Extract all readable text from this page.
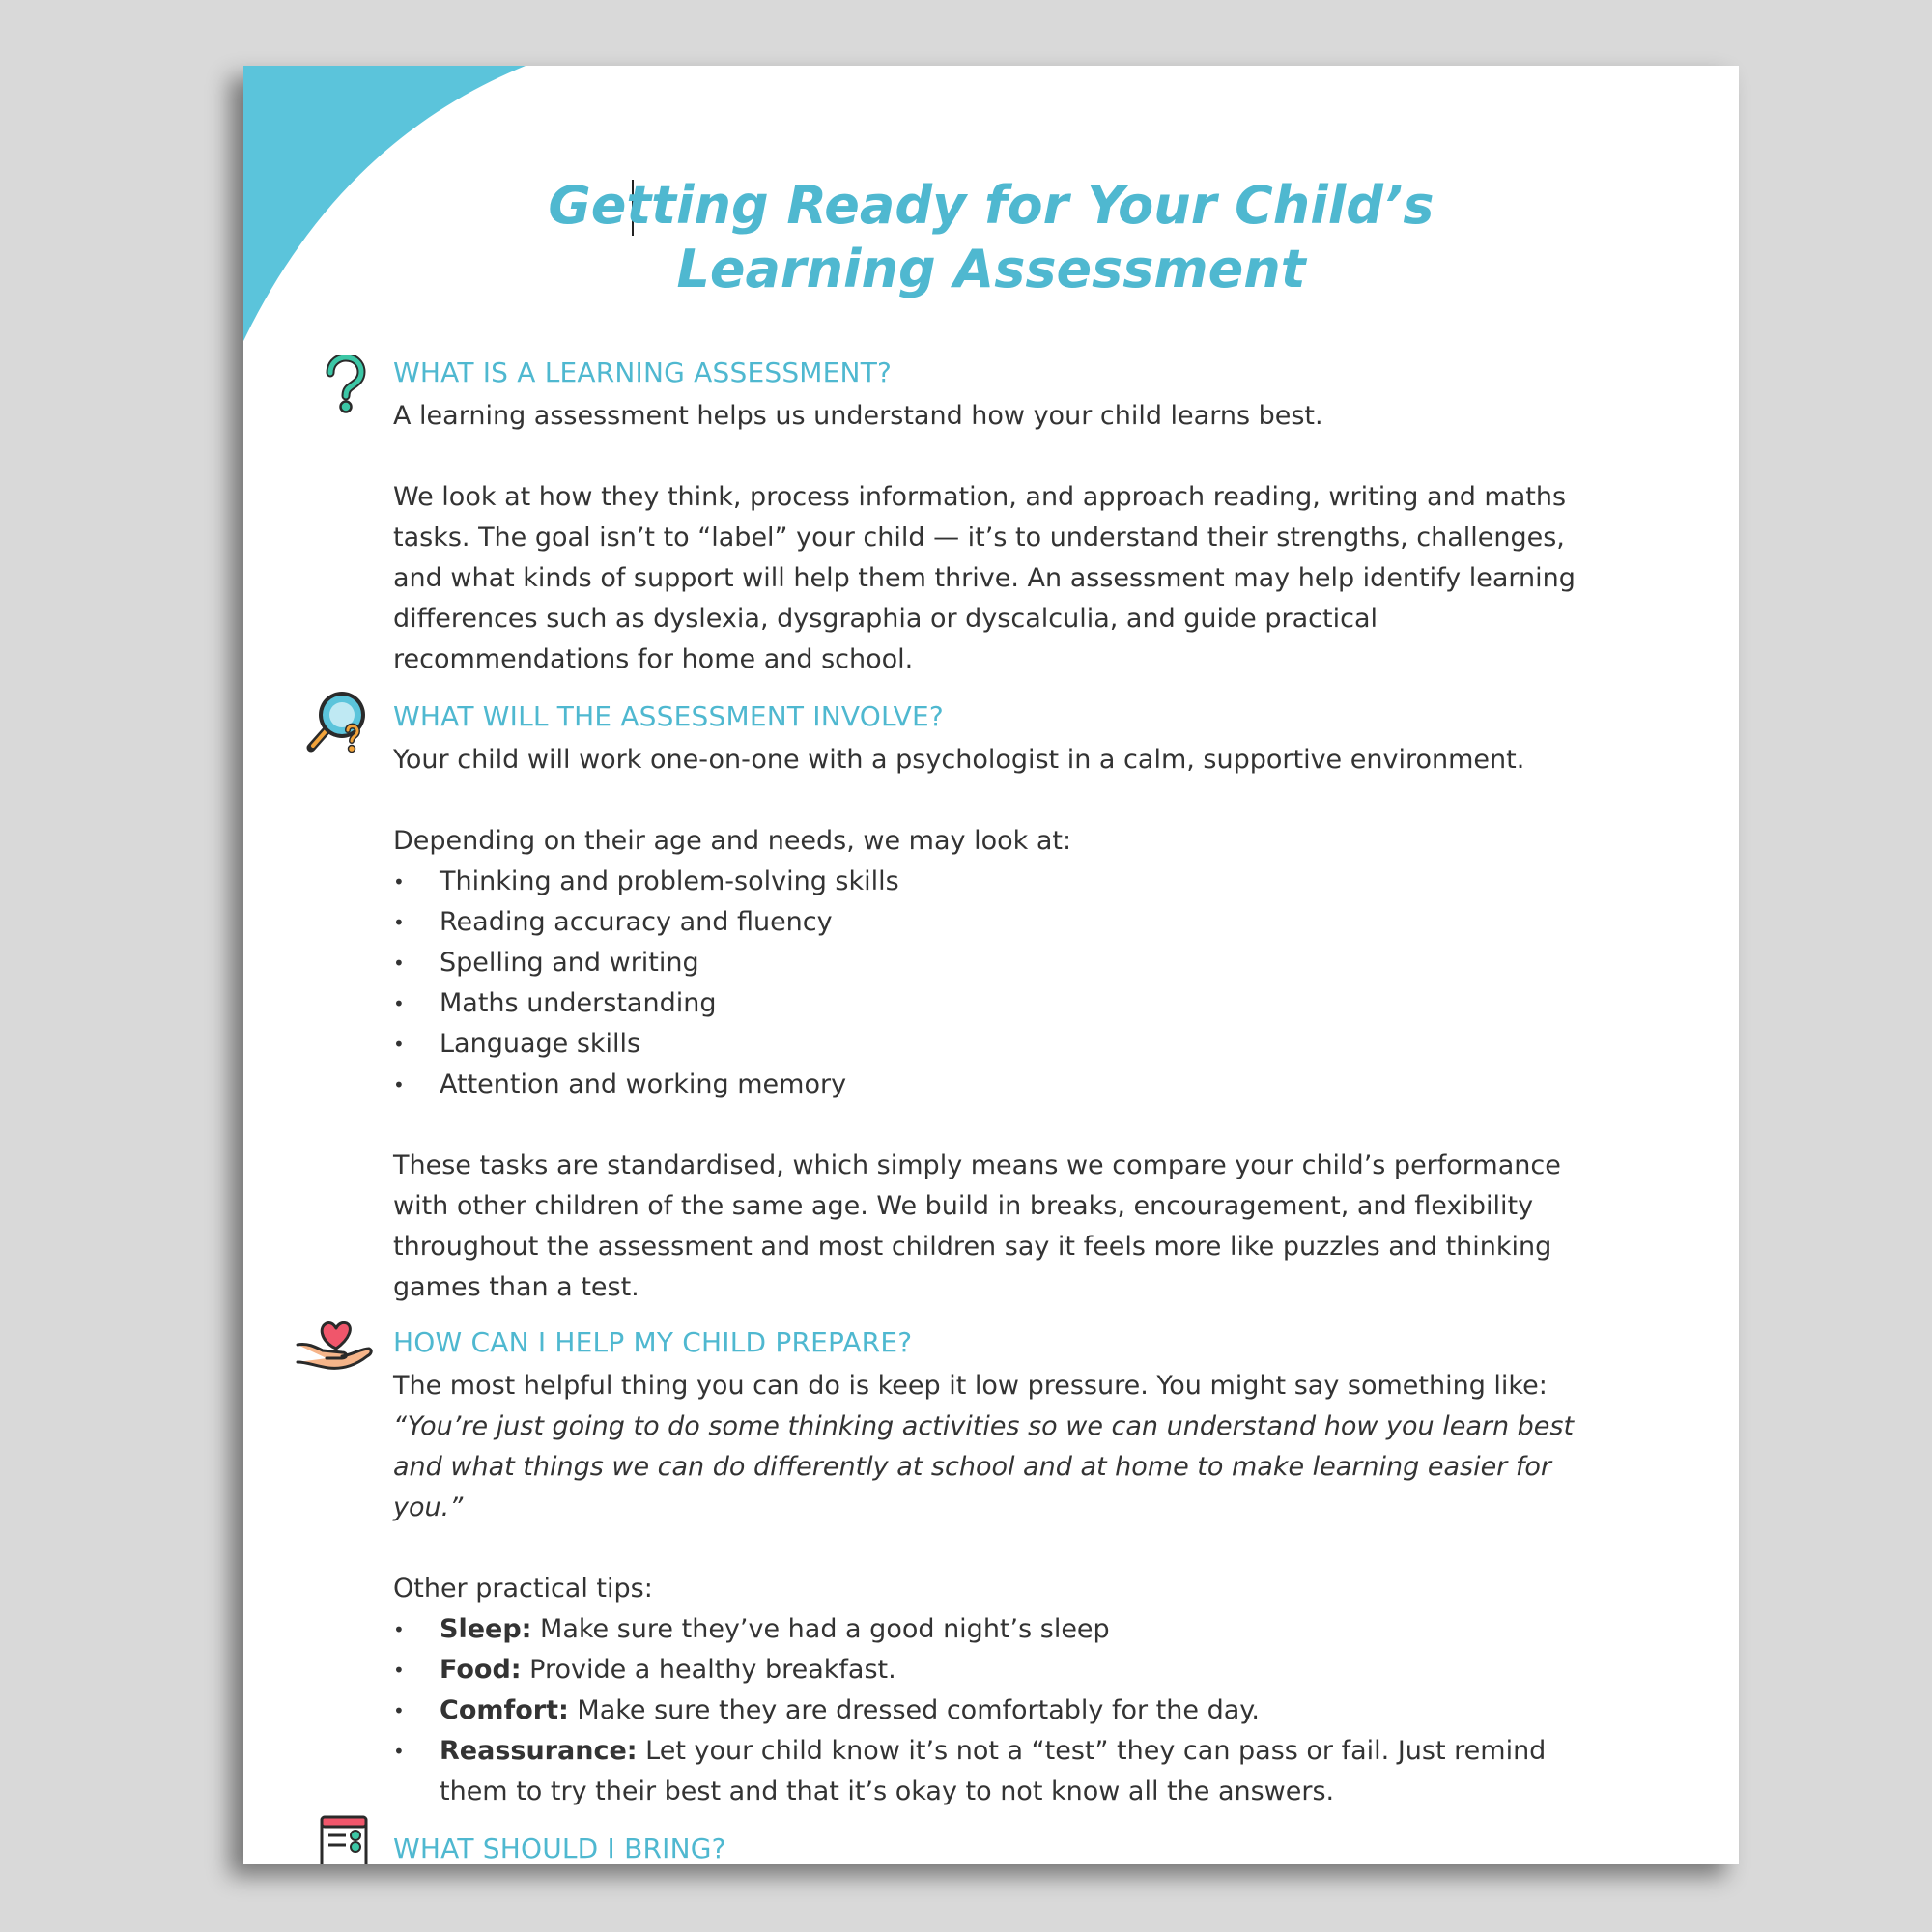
Getting Ready for Your Child’s
Learning Assessment
WHAT IS A LEARNING ASSESSMENT?

A learning assessment helps us understand how your child learns best.

We look at how they think, process information, and approach reading, writing and maths tasks. The goal isn’t to “label” your child — it’s to understand their strengths, challenges, and what kinds of support will help them thrive. An assessment may help identify learning differences such as dyslexia, dysgraphia or dyscalculia, and guide practical recommendations for home and school.

WHAT WILL THE ASSESSMENT INVOLVE?

Your child will work one-on-one with a psychologist in a calm, supportive environment.

Depending on their age and needs, we may look at:

• Thinking and problem-solving skills
• Reading accuracy and fluency
• Spelling and writing
• Maths understanding
• Language skills
• Attention and working memory

These tasks are standardised, which simply means we compare your child’s performance with other children of the same age. We build in breaks, encouragement, and flexibility throughout the assessment and most children say it feels more like puzzles and thinking games than a test.

HOW CAN I HELP MY CHILD PREPARE?

The most helpful thing you can do is keep it low pressure. You might say something like:

“You’re just going to do some thinking activities so we can understand how you learn best and what things we can do differently at school and at home to make learning easier for you.”

Other practical tips:

• Sleep: Make sure they’ve had a good night’s sleep
• Food: Provide a healthy breakfast.
• Comfort: Make sure they are dressed comfortably for the day.
• Reassurance: Let your child know it’s not a “test” they can pass or fail. Just remind them to try their best and that it’s okay to not know all the answers.
WHAT SHOULD I BRING?
